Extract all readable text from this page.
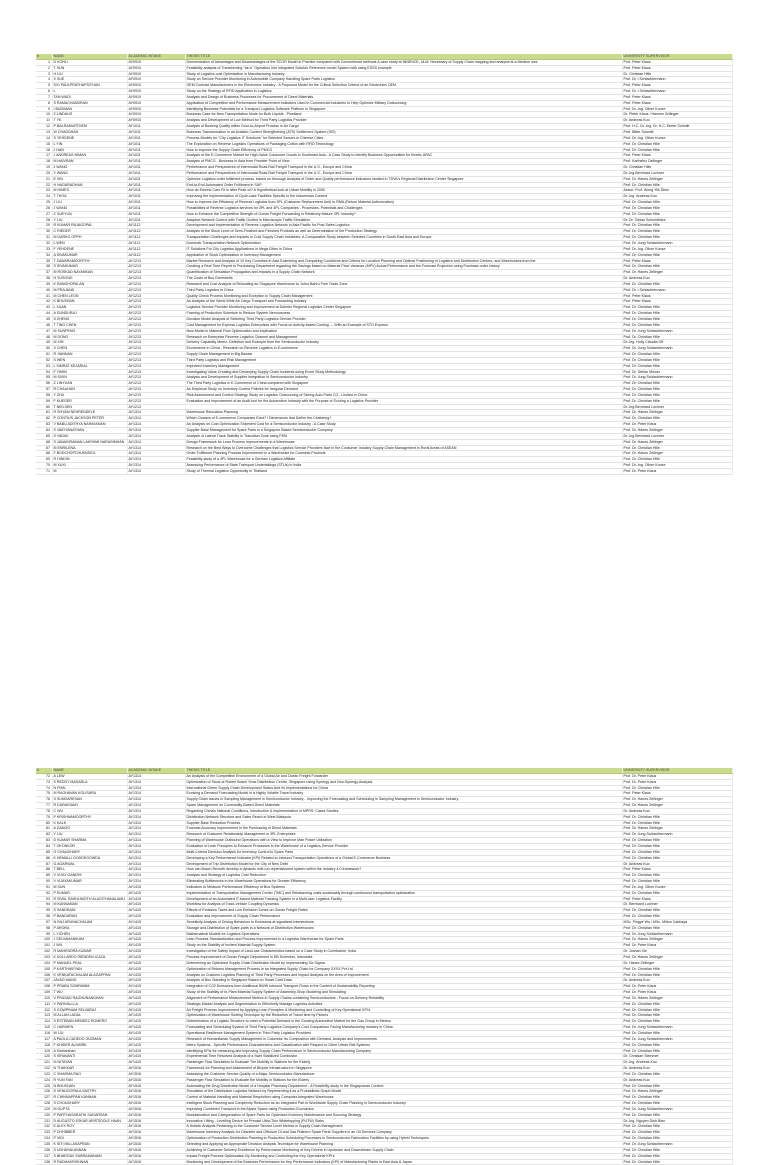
#	NAME	ACADEMIC INTAKE	THESIS TITLE	UNIVERSITY SUPERVISOR
1	D KOHLI	AY0910	Demonstration of Advantages and Disadvantages of the SCOR Model in Practice compared with Conventional methods A case study at INNENCE, ULM: Necessary of Supply Chain mapping and analysis at a Medium size	Prof. Peter Klaus
2	T SUN	AY0910	Feasibility analysis of Transforming "as is" Operation into Integrated Solution Reference model System with using ESSS example	Prof. Peter Klaus
3	H LIU	AY0910	Study of Logistics cost Optimization in Manufacturing Industry	Dr. Christian Hille
4	X XUE	AY0910	Study on Service Provider Monitoring in Automobile Company Handling Spare Parts Logistics	Prof. Dr. i.Schlachtermann
5	S/O PAULPRATHAPSITHAN	AY0910	OEM Contract Manufacturers in the Electronics Industry - A Proposed Model for the Critical Selection Criteria of an Electronics OEM	Prof. Peter Klaus
6	L	AY0910	Study on the Strategy of RFID Application in Logistics	Prof. Dr. i.Schlachtermann
7	TAN WADI	AY0910	Analysis and Design of Business Processes for Procurement of Direct Materials	Prof. Peter Klaus
8	S RAMACHANDRAN	AY0910	Application of Competitive and Performance Measurement Indicators Used in Commercial Industries to Help Optimize Military Outsourcing	Prof. Peter Klaus
9	I BUDIMAN	AY0910	Identifying Business Potentials for a Transport Logistics Software Platform in Singapore	Prof. Dr.-Ing. Oliver Kunze
10	Z LINDAUS	AY0910	Business Case for New Transportation Mode for Bulk Liquids - Pinelland	Dr. Pieter Klaus / Hannes Zellinger
11	T YE	AY0910	Analysis and Development of Low Method for Third Party Logistics Provider	Dr. Andreas Kuo
12	P BALRAMURTHEM	AY1011	Analysis of Booking Quality within Door-to-Airport Process in Air Cargo	Prof. H.C. Dr.-Ing. Dr. H.C. Dieter Schmitt
13	W CHADDHAH	AY1011	Business Transformation in an Aviation Context Strengthening (ATS) Settlement System (ISS)	Prof. Bitter Schmitt
14	S YEHDENE	AY1011	Process Models for "City Logistics IT Solutions" for Selected Sectors in Chinese Cities	Prof. Dr.-Ing. Oliver Kunze
15	L YIN	AY1011	The Exploration on Reverse Logistics Operations of Packaging Cotton with RFID Technology	Prof. Dr. Christian Hille
16	J HAN	AY1011	How to Improve the Supply Chain Efficiency of PMCG	Prof. Dr. Christian Hille
17	J ANDREAS NIMAN	AY1011	Analysis of the E-Commerce Market for High-Value Consumer Goods in Southeast Asia - A Case Study to Identify Business Opportunities for Kinetic APAC	Prof. Peter Klaus
18	M HAIVRAN	AY1011	Analysis of PMCG - Business in Asia from Provider Point of View	Prof. Karlheinz Dellinger
19	J WANG	AY1011	Performance and Perspectives of Intermodal Road-Rail Freight Transport in the U.S., Europe and China	Dr. Christian Hille
20	Y WANG	AY1011	Performance and Perspectives of Intermodal Road-Rail Freight Transport in the U.S., Europe and China	Dr.-Ing.Bernhard Lochner
21	E XIN	AY1011	Optimize Logistics order fulfilment process, based on thorough Analysis of Order and Quality performance indicators studied in TDVA's Regional Distribution Center Singapore	Prof. Dr. Hanes Zellinger
22	H NAGARADHAN	AY1011	End-to-End Automated Order Fulfilment in SAP	Prof. Dr. Christian Hille
23	M HIMES	AY1011	How do Electric Cars Fit in after Peak oil? A Hypothetical look at Urban Mobility in 2050	Assoc. Prof. Wong Yiik Diew
24	T THOA	AY1011	Improving the Implementation of Cycle-case Facilities Specific to the Indonesian Context	Dr.-Ing. Andreas Kuo
25	J LIU	AY1011	How to Improve the Efficiency of Reverse Logistics from 3PL (Customer Replacement Unit) to RMA (Return Material Authorization)	Prof. Dr. Christian Hille
26	J WANG	AY1011	Possibilities of Reverse Logistics services for 3PL and 4PL Companies - Processes, Potentials and Challenges	Prof. Dr. Christian Hille
27	Z XUEYUN	AY1011	How to Enhance the Competitive Strength of Ocean Freight Forwarding in Relatively Mature 3PL Industry?	Prof. Dr. Christian Hille
28	Y LIU	AY1011	Adaptive Network Control with Traffic Guided in Microscopic Traffic Simulation	Dr. Dr. Tobias Schmidhitze
29	R KUMAR RAJAGOPAL	AY1112	Development and Implementation of Reverse Logistics Network in Asia Pacific for Post-Sales Logistics	Prof. Dr. Christian Hille
30	C RIEDER	AY1112	Analysis of the Stock Level of Semi-Finished and Finished Products as well as Determination of the Production Strategy	Prof. Dr. Christian Hille
31	M DARKO OPPH	AY1112	Transportation Challenges and Impacts in Cold Supply Chain Industries: A Comparative Study between Selected Countries in South East Asia and Europe	Prof. Dr. Christian Hille
32	L WEN	AY1112	Domestic Transportation Network Optimization	Prof. Dr. Jung Schlachtermann
33	F YEHDENE	AY1112	IT Solutions For City Logistics Applications in Mega Cities in China	Prof. Dr.-Ing. Oliver Kunze
34	A SIVAKUMAR	AY1112	Application of Stock Optimization in Inventory Management	Prof. Dr. Christian Hille
35	T ZAWARAMOORTHY	AY1213	Market Research and Analysis of 10 Key Countries in Asia Examining and Comparing Conditions and Criteria for Location Planning and Optimal Positioning of Logistics and Distribution Centers, and Warehouses from the	Prof. Peter Klaus
36	S SIVAKUMAR	AY1213	Creating a Real Time Report to Purchasing Department regarding the Savings based on Material Price Variance (MPV) Actual Performance and the Forecast Projection using Purchase order history	Prof. Dr. Christian Hille
37	M ROSKAD NAYANKAN	AY1213	Quantification of Simulation Propagation and Impacts in a Supply Chain Network	Prof. Dr. Hanes Zellinger
38	H YUSONG	AY1213	The Costs of Bus Greenbelts	Dr. Andreas Kuo
39	K RANGHOPALAN	AY1213	Research and Cost Analysis of Relocating an Singapore Warehouse to Johor Bahru Free Trade Zone	Prof. Dr. Christian Hille
40	M PRAJAND	AY1213	Third Party Logistics in China	Prof. Dr. i.Schlachtermann
41	M CHEN LEON	AY1213	Quality Check Process Monitoring and Exception in Supply Chain Management	Prof. Peter Klaus
42	K BHUSHAN	AY1213	An Analysis of the World Wide Air Cargo Transport and Forwarding Industry	Prof. Peter Klaus
43	L XUAN	AY1213	Logistics Service Provider Monitoring and Improvement at Daimler Regional Logistics Center Singapore	Prof. Dr. Christian Hille
44	A GUNDURAJ	AY1213	Framing of Production Schedule to Reduce System Nervousness	Prof. Dr. Christian Hille
45	S ZHENG	AY1213	Decision Model Analysis of Selecting Third Party Logistics Service Provider	Prof. Dr. Christian Hille
46	T TING CHEN	AY1213	Cost Management for Express Logistics Enterprises with Focus on Activity-based Costing --- With an Example of STO Express	Prof. Dr. Christian Hille
47	M SUNPENG	AY1213	New Model in Material Flow Optimization and Implication	Prof. Dr. Jung Schlachtermann
48	M DONG	AY1213	Research on Enterprise Reverse Logistics Channel and Management	Prof. Dr. Christian Hille
49	M XIN	AY1213	Delivery Capability Metric: Definition and Example from the Semiconductor Industry	Dr.-Ing. Holly Claudia Ott
50	X CHEN	AY1213	Ecommerce in China - Research on Reverse Logistics in E-commerce	Prof. Dr. Jung Schlachtermann
51	R JIANNAN	AY1213	Supply Chain Management in Big Bazaar	Prof. Dr. Christian Hille
52	S WEN	AY1213	Third Party Logistics and Risk Management	Prof. Dr. Christian Hille
53	L SIMRAT KEJARIAL	AY1213	Improved Inventory Management	Prof. Dr. Christian Hille
54	F YIMIN	AY1213	Investigating Value-Creating and Destroying Supply Chain Incidents using Event Study Methodology	Prof. Dr. Stefan Minner
55	M SIXIN	AY1213	Analysis and Development of Supplier Integration in Semiconductor Industry	Prof. Dr. Jung Schlachtermann
56	Z LINYUAN	AY1213	The Third Party Logistics in E-Commerce of China compared with Singapore	Prof. Dr. Christian Hille
57	R CHAUHAN	AY1213	An Empirical Study on Inventory Control Policies for Irregular Demand	Prof. Dr. Christian Hille
58	Y ZHU	AY1213	Risk Assessment and Control Strategy Study on Logistics Outsourcing of Sichng Auto Parts CO., Limited in China	Prof. Dr. Christian Hille
59	F KUEGER	AY1213	Evaluation and Improvement of an Audit tool for the Automotive Industry with the Purpose of Scoring a Logistics Provider	Prof. Dr. Christian Hille
60	T NIELSEN	AY1213		Dr.-Ing.Bernhard Lochner
61	R SHYAM NEHRENDELE	AY1314	Warehouse Relocation Planning	Prof. Dr. Hanes Zellinger
62	P CONTIUS JACKSON PETER	AY1314	Which Clusters of E-commerce Companies Exist? / Dimensions that Define the Clustering?	Prof. Dr. Christian Hille
63	V BABU ADITHYA NARAYANAN	AY1314	An Analysis on Cost Optimization Shipment Cost for a Semiconductor Industry - A Case Study	Prof. Dr. Peter Klaus
64	S VAIDYANATHAN	AY1314	Supplier Base Management for Spare Parts in a Singapore Based Semiconductor Company	Prof. Dr. Hanes Zellinger
65	S YADAV	AY1314	Analysis of Lateral Track Stability in Transition Zone using FEM	Dr.-Ing.Bernhard Lochner
66	S JANAKIRAMAN LAKSHMI NARASIMHAN	AY1314	Design Framework for Lean Process Improvements in a Warehouse	Prof. Dr. Hanes Zellinger
67	M ENRILENA	AY1314	Research on the Best Ways to Overcome Challenges that Logistics Service Providers face in the Consumer Industry Supply Chain Management in Rural Areas of ASEAN	Prof. Dr. Christian Hille
68	F BODCHOPCHUKNSIOL	AY1314	Order Fulfilment Planning Process Improvement in a Warehouse for Cosmetic Products	Prof. Dr. Hanes Zellinger
69	R HINDIN	AY1314	Feasibility study of a 4PL Warehouse for a German Logistics Affiliate	Prof. Dr. Christian Hille
70	M XUXI	AY1314	Assessing Performance of State Transport Undertakings (STUs) in India	Prof. Dr.-Ing. Oliver Kunze
71	M	AY1314	Study of Thermal Logistics Opportunity in Thailand	Prof. Dr. Peter Klaus
#	NAME	ACADEMIC INTAKE	THESIS TITLE	UNIVERSITY SUPERVISOR
72	A LEW	AY1314	An Analysis of the Competitive Environment of a Global Air and Ocean Freight Forwarder	Prof. Dr. Peter Klaus
73	S REDDY MASARLA	AY1314	Optimization of Stock at Robert Bosch Smw Distribution Centre, Singapore using Synergy and Non-Synergy Analysis	Prof. Dr. Peter Klaus
74	N PHAI	AY1314	International Green Supply Chain Development Status And Its Implementations for China	Prof. Dr. Christian Hille
75	M RAGHAVAN KOLISARA	AY1314	Evolving a Demand Forecasting Model in a Highly Volatile Travel Industry	Prof. Peter Klaus
76	S SUNDARESAN	AY1314	Supply Chain Issues in Sampling Management in Semiconductor Industry - Improving the Forecasting and Scheduling in Sampling Management in Semiconductor Industry	Prof. Dr. Hanes Zellinger
77	R DURAISAMY	AY1314	Spare Management on Commodity-Based Direct Materials	Prof. Dr. Hanes Zellinger
78	C WU	AY1314	Regarding China's National Conditions, Introduction & Implementation of MPRS: Cases Studies	Dr. Andreas Kuo
79	P KRISHNAMOORTHY	AY1314	Distribution Network Structure and Sales Reach in West Malaysia	Prof. Dr. Christian Hille
80	K KALK	AY1314	Supplier Base Reduction Process	Prof. Dr. Christian Hille
81	A GANGO	AY1314	Forecast Accuracy Improvement in the Purchasing of Direct Materials	Prof. Dr. Hanes Zellinger
82	Y LIU	AY1314	Research of Customer Relationship Management in 3PL Enterprises	Prof. Dr. Jung Schlachtermann
83	D KUMAR SHARMA	AY1314	Planning of Warehouse Outbound Operations with a View to Improve Man Power Utilization	Prof. Dr. Christian Hille
84	T OKONKOR	AY1314	Evaluation of Lean Principles to Enhance Processes in the Warehouse of a Logistics Service Provider	Prof. Dr. Christian Hille
85	G CHAUDHARY	AY1314	Multi-Criteria Decision Analysis for Inventory Control in Spare Parts	Prof. Dr. Christian Hille
86	K HEMALLI DODDEGOWDA	AY1314	Developing a Key Performance Indicator (KPI) Related to Inbound Transportation Operations of a Global E-Commerce Business	Prof. Dr. Christian Hille
87	G AGARWAL	AY1314	Development of Trip Distribution Model for the City of New Delhi	Dr. Andreas Kuo
88	T BELL	AY1314	How can Bosch Rexroth develop a dynamic milk run replenishment system within the Industry 4.0 framework?	Prof. Peter Klaus
89	V VIJAY GANDHI	AY1314	Analysis and Strategy of Logistics Cost Reduction	Prof. Dr. Christian Hille
90	V VIJAYAKUMAR	AY1314	Eliminating Bottlenecks in the Warehouse Operations for Greater Efficiency	Prof. Dr. Christian Hille
91	M SUN	AY1415	Indicators to Measure Performance Efficiency of Bus Systems	Prof. Dr.-Ing. Oliver Kunze
92	P KUMAR	AY1415	Implementation of Transportation Management Center (TMC) and Rebalancing costs sustainably through continuous transportation optimization	Prof. Dr. Christian Hille
93	R SIVAL RASHLIMOTH ALAGITHANALAMU	AY1415	Development of an Automated IT-based Material Tracking System in a Multi-user Logistics Facility	Prof. Peter Klaus
94	M KANNANAN	AY1415	Workflow for Analysis of Track-Vehicle Coupling Dynamics	Dr. Bernhard Lochner
95	S SANDRANI	AY1415	Effects of Emission Taxes and Low Emission Zones on Ocean Freight Rates	Prof. Dr. Christian Hille
96	P BANDARAN	AY1415	Evaluation and Improvement of Supply Chain Performance	Prof. Dr. Christian Hille
97	N RAJ ARUNACHALAM	AY1415	Sensitivity Analysis of Driving Behaviors to Emissions at signalized Intersections	MSc. Pingye Wu / MSc. Milton Cabbaya
98	P ARORA	AY1415	Storage and Distribution of Spare-parts in a Network of Distribution Warehouses	Prof. Dr. Christian Hille
99	L YICHEN	AY1415	Mathematical Models for Logistics Operations	Prof. Dr. Jung Schlachtermann
100	J SELVAMANIKAM	AY1415	Lean Process Standardization and Process Improvement in a Logistics Warehouse for Spare Parts	Prof. Dr. Hanes Zellinger
101	J WU	AY1415	Study on the Stability of Inclient Material Supply System	Prof. Dr. Peter Klaus
102	R MAHENDRA KUMAR	AY1415	Investigation of the Safety Impact of Land-use Characteristics based on a Case Study in Coimbatore, India	Dr. Joshan Xie
103	K KOLLARDO RIENDEN ICAZA	AY1415	Process Improvement of Ocean Freight Department in DB Schenker, Indonesia	Prof. Dr. Hanes Zellinger
104	P MANUEL PEAL	AY1415	Determining an Optimized Supply Chain Distribution Model by Implementing Six Sigma	Dr. Hanes Zellinger
105	P KARTHIKEYAN	AY1415	Optimization of Returns Management Process in an Integrated Supply Chain for Company XXXX Pvt Ltd	Prof. Dr. Christian Hille
106	K VENKATACHALAM ALAGAPPAN	AY1415	Analysis on Customs Logistics Planning of Third Party Processes and Impact Analysis on the Area of Improvement	Prof. Dr. Christian Hille
107	JAYAD WANG	AY1415	Analysis of Bus Standing in Singapore Based on Smart Card Data	Dr. Andreas Kuo
108	P PRABU SOMRAMM	AY1415	Integration of CO2 Emissions from Additional BWW Inbound Transport Flows in the Context of Sustainability Reporting	Prof. Dr. Peter Klaus
109	T WU	AY1415	Study of the Stability of In-Plant Material Supply System of Assembly-Shop Modeling and Simulating	Prof. Dr. Peter Klaus
110	V PRASAD RAGHUNANDHAN	AY1415	Alignment of Performance Measurement Metrics in Supply Chains containing Semiconductors - Focus on Delivery Reliability	Prof. Dr. Hanes Zellinger
111	V PARIVALLLA	AY1415	Strategic Market Analysis and Segmentation to Effectively Manage Logistics Activities	Prof. Dr. Christian Hille
112	S GOWPINAM SELVARAJ	AY1415	Air Freight Process Improvement by Applying Lean Principles & Monitoring and Controlling of Key Operational KPI's	Prof. Dr. Christian Hille
113	M ALLAN LADAL	AY1415	Optimization of Warehouse Slotting Technique by the Reduction of Travel time by Pickers	Prof. Dr. Christian Hille
114	S ESTEBAN MENDEZ ROMERO	AY1415	Determination of a Logistic Structure to meet a Potential Demand in the Growing Automotive Market for the Gas Group in Mexico	Prof. Dr. Christian Hille
115	C HARIHEN	AY1415	Forecasting and Scheduling System of Third Party Logistics Company's Cost Comparison Facing Manufacturing Industry in China	Prof. Dr. Jung Schlachtermann
116	W LIU	AY1415	Operational Resilience Management System in Third Party Logistics Providers	Prof. Dr. Christian Hille
117	A PAOLA CADEDO GUZMAN	AY1415	Research of Humanitarian Supply Management in Colombia: Its Composition with Demand, Analysis and Improvements	Prof. Dr. Jung Schlachtermann
118	F KHIDER ALHARBI	AY1415	Metro Systems - Specific Performance Characteristics and Classification with Respect to Other Urban Rail Systems	Prof. Dr. Christian Hille
119	A Geetanthan	AY1415	Identifying KPIs for measuring and Improving Supply Chain Performance in Semiconductor Manufacturing Company	Prof. Dr. Christian Hille
120	S ISRAVANTI	AY1415	Experimental Time Resolved Analysis of a Swirl Stabilized Combustor	Dr. Christian Steinmet
121	M NITAYAN	AY1415	Passenger Flow Simulation to Evaluate The Mobility in Stations for the Elderly	Dr.-Ing. Andreas Kuo
122	N THAKKAR	AY1516	Framework for Planning and Assessment of Bicycle Infrastructure in Singapore	Dr. Andreas Kuo
123	C SHARMA RAO	AY1516	Assessing the Customer Service Quality of a Major Semiconductor Manufacturer	Prof. Dr. Christian Hille
124	R YUN FAN	AY1516	Passenger Flow Simulation to Evaluate the Mobility in Stations for the Elderly	Dr. Andreas Kuo
125	N BHUSHAN	AY1516	Automating the Drug Distribution Model of a Hospital Pharmacy Department - A Feasibility study in the Singaporean Context	Prof. Dr. Christian Hille
126	S VENUGOPALA SASTRY	AY1516	Simulation of the Distribution Logistics Network by Representing it as a Probabilistic Graph Model	Prof. Dr. Hanes Zellinger
127	R CHINNAPPAN KANNAN	AY1516	Control of Material Handling and Material Requisition using Computer-Integrated Warehouse	Prof. Dr. Christian Hille
128	S CHOUDHARY	AY1516	Intelligent Stock Planning and Complexity Reduction as an Integrated Part in Worldwide Supply Chain Planning in Semiconductor Industry	Prof. Dr. Christian Hille
129	M GUPTA	AY1516	Improving Combined Transport in the Alpine Space using Production Economics	Prof. Dr. Jung Schlachtermann
130	P PARTHASARATHI SUDARSAN	AY1516	Modularization and Categorization of Spare Parts for Optimized Inventory Maintenance and Sourcing Strategy	Prof. Dr. Christian Hille
131	D AUGUSTO ESKAR ARISTIDOLE HAAN	AY1516	Innovative Lifting - Levelling Device for Precast Ultra-Thin Whitetopping (PUTW) Slabs	Dr.-Ing. Nguyen Dinh Bien
132	E ALEX ROY	AY1516	A Holistic Analysis Pertaining to the Customer Service Level Metrics in Supply Chain Management	Prof. Dr. Christian Hille
133	P CHHIBBER	AY1516	Warehouse Inventory Analysis for Obsolete and Offshore Ol and Gas Platform Spare Parts Suppliers in an Oil Services Company	Prof. Dr. Christian Hille
134	P VIDI	AY1516	Optimization of Production Distribution Planning to Production Scheduling Processes in Semiconductor Fabrication Facilities by using Hybrid Techniques	Prof. Dr. Christian Hille
135	K SITI MILLASAPRAN	AY1516	Selecting and Applying an Appropriate Decision Analysis Technique for Warehouse Planning	Prof. Dr. Jung Schlachtermann
136	S UDHAYAKANNAN	AY1516	Achieving of Customer Delivery Excellence by Performance Monitoring of Key Drivers in Upstream and Downstream Supply Chain	Prof. Dr. Christian Hille
137	S BHARGAV SUBRAMANIAN	AY1516	Impact Freight Process Optimization By Monitoring and Controlling the Key Operational KPI's	Prof. Dr. Christian Hille
138	R RADHAKRISHNAN	AY1516	Monitoring and Development of the Business Performance for Key Performance Indicators (KPI) of Manufacturing Plants in East Asia & Japan	Prof. Dr. Christian Hille
